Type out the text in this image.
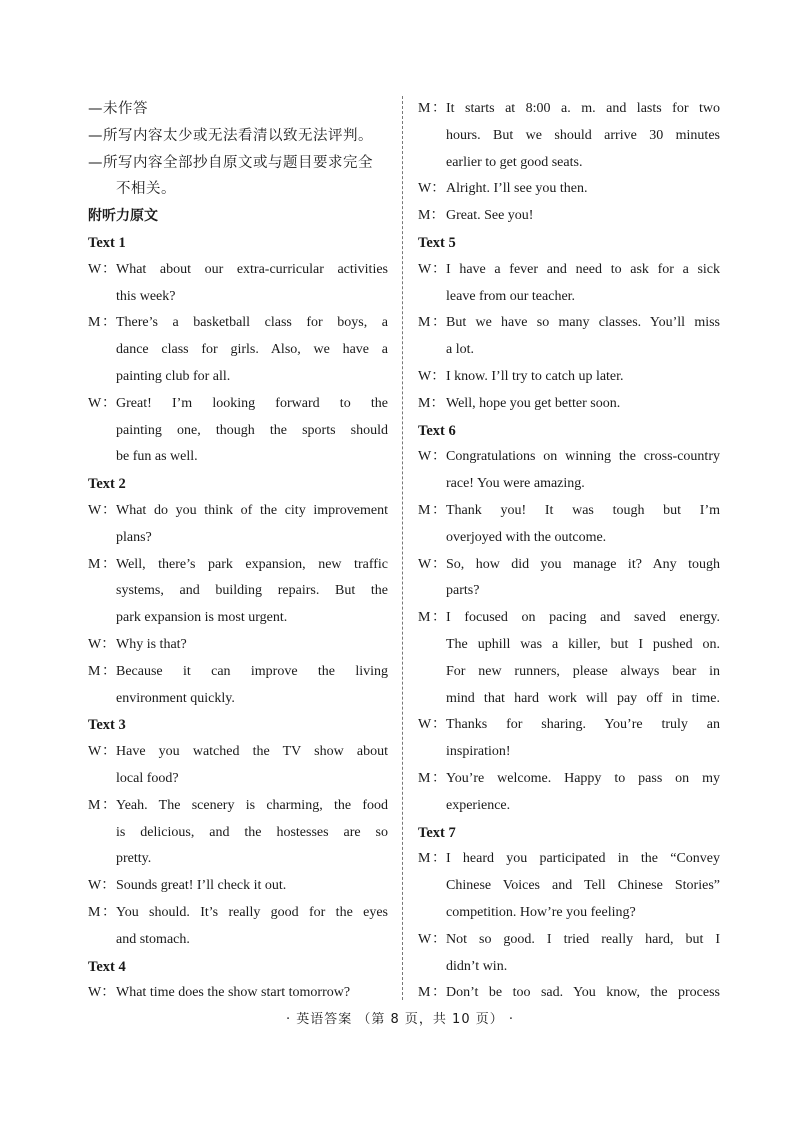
—未作答
—所写内容太少或无法看清以致无法评判。
—所写内容全部抄自原文或与题目要求完全
不相关。
附听力原文
Text 1
W：What about our extra-curricular activities
this week?
M：There’s a basketball class for boys, a
dance class for girls. Also, we have a
painting club for all.
W：Great! I’m looking forward to the
painting one, though the sports should
be fun as well.
Text 2
W：What do you think of the city improvement
plans?
M：Well, there’s park expansion, new traffic
systems, and building repairs. But the
park expansion is most urgent.
W：Why is that?
M：Because it can improve the living
environment quickly.
Text 3
W：Have you watched the TV show about
local food?
M：Yeah. The scenery is charming, the food
is delicious, and the hostesses are so
pretty.
W：Sounds great! I’ll check it out.
M：You should. It’s really good for the eyes
and stomach.
Text 4
W：What time does the show start tomorrow?
M：It starts at 8:00 a. m. and lasts for two
hours. But we should arrive 30 minutes
earlier to get good seats.
W：Alright. I’ll see you then.
M： Great. See you!
Text 5
W：I have a fever and need to ask for a sick
leave from our teacher.
M：But we have so many classes. You’ll miss
a lot.
W：I know. I’ll try to catch up later.
M： Well, hope you get better soon.
Text 6
W：Congratulations on winning the cross-country
race! You were amazing.
M：Thank you! It was tough but I’m
overjoyed with the outcome.
W：So, how did you manage it? Any tough
parts?
M：I focused on pacing and saved energy.
The uphill was a killer, but I pushed on.
For new runners, please always bear in
mind that hard work will pay off in time.
W：Thanks for sharing. You’re truly an
inspiration!
M：You’re welcome. Happy to pass on my
experience.
Text 7
M：I heard you participated in the “Convey
Chinese Voices and Tell Chinese Stories”
competition. How’re you feeling?
W：Not so good. I tried really hard, but I
didn’t win.
M：Don’t be too sad. You know, the process
· 英语答案 （第 8 页，共 10 页） ·
